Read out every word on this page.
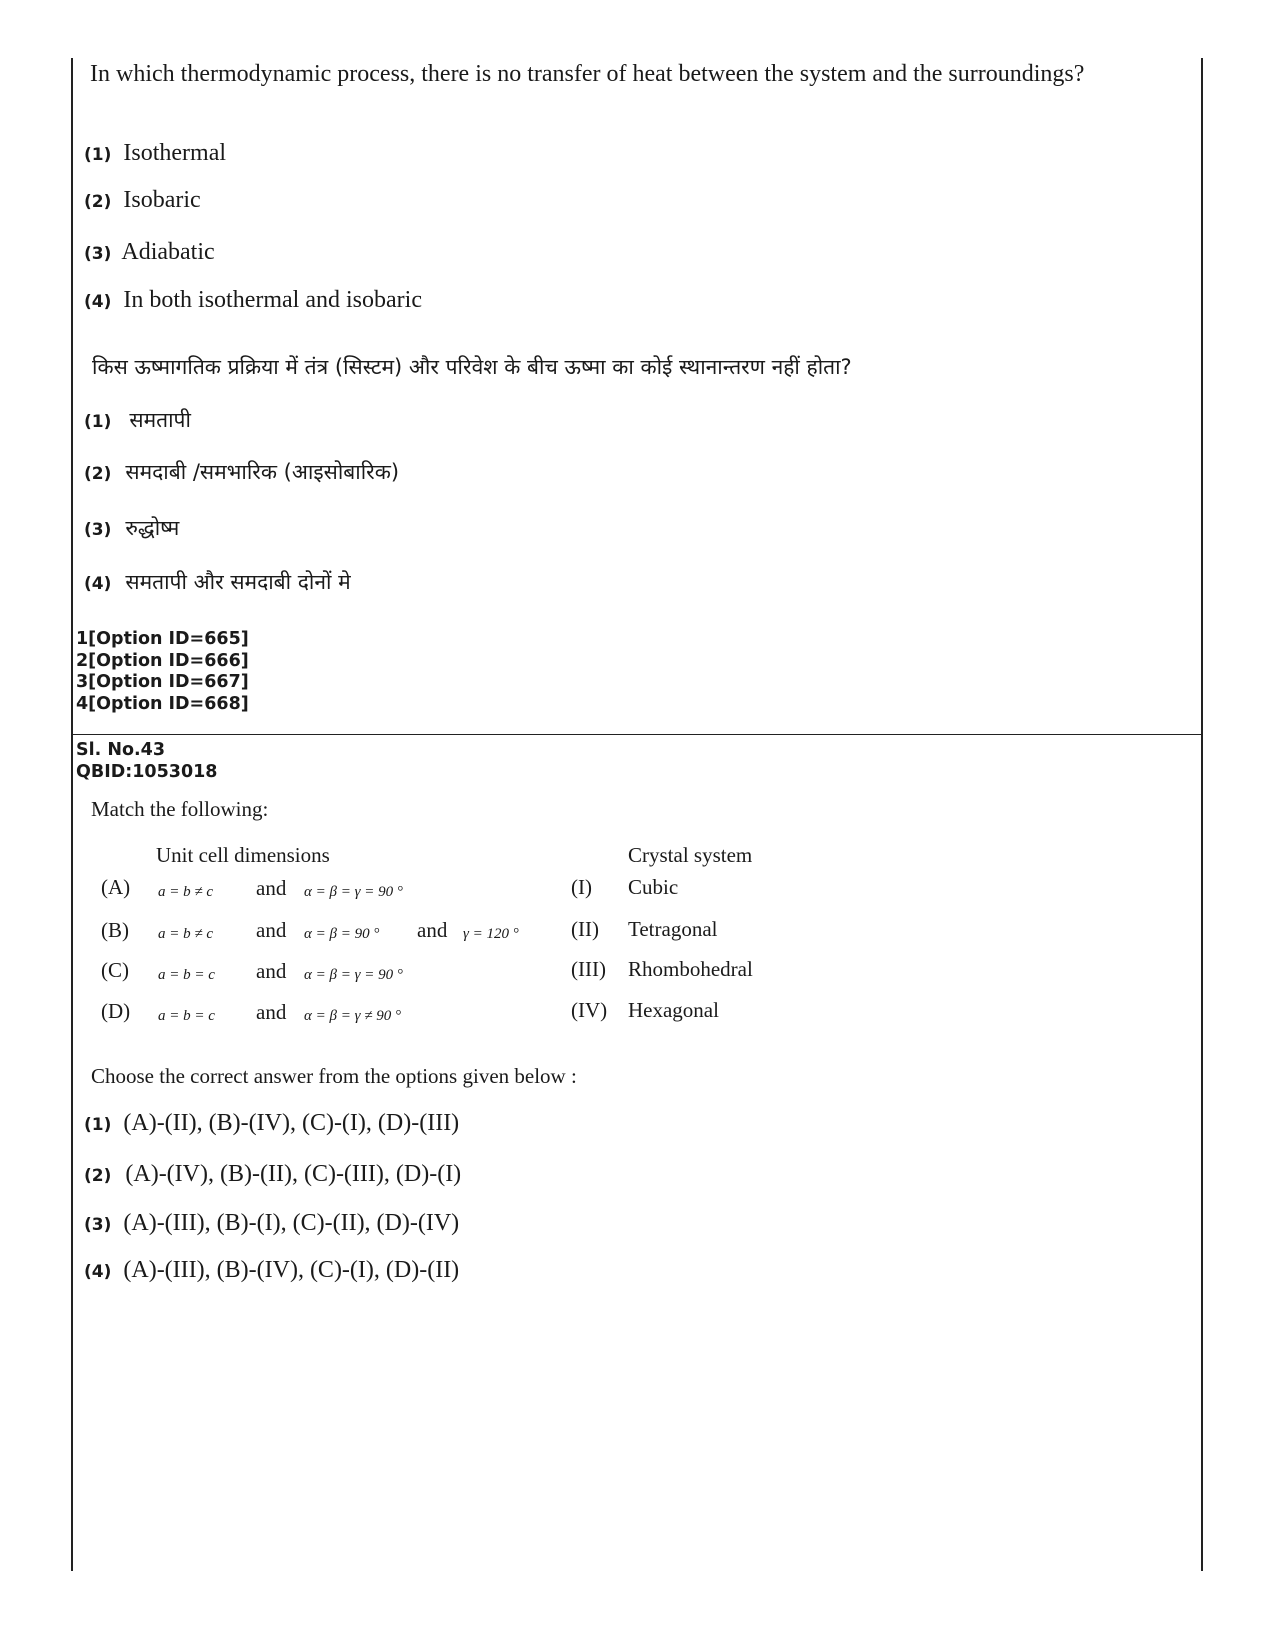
In which thermodynamic process, there is no transfer of heat between the system and the surroundings?
(1) Isothermal
(2) Isobaric
(3) Adiabatic
(4) In both isothermal and isobaric
किस ऊष्मागतिक प्रक्रिया में तंत्र (सिस्टम) और परिवेश के बीच ऊष्मा का कोई स्थानान्तरण नहीं होता?
(1) समतापी
(2) समदाबी /समभारिक (आइसोबारिक)
(3) रुद्धोष्म
(4) समतापी और समदाबी दोनों मे
1[Option ID=665]
2[Option ID=666]
3[Option ID=667]
4[Option ID=668]
Sl. No.43
QBID:1053018
Match the following:
Unit cell dimensions	Crystal system
(A) a = b ≠ c and α = β = γ = 90 °	(I) Cubic
(B) a = b ≠ c and α = β = 90 ° and γ = 120 ° (II) Tetragonal
(C) a = b = c and α = β = γ = 90 °	(III) Rhombohedral
(D) a = b = c and α = β = γ ≠ 90 °	(IV) Hexagonal
Choose the correct answer from the options given below :
(1) (A)-(II), (B)-(IV), (C)-(I), (D)-(III)
(2) (A)-(IV), (B)-(II), (C)-(III), (D)-(I)
(3) (A)-(III), (B)-(I), (C)-(II), (D)-(IV)
(4) (A)-(III), (B)-(IV), (C)-(I), (D)-(II)
